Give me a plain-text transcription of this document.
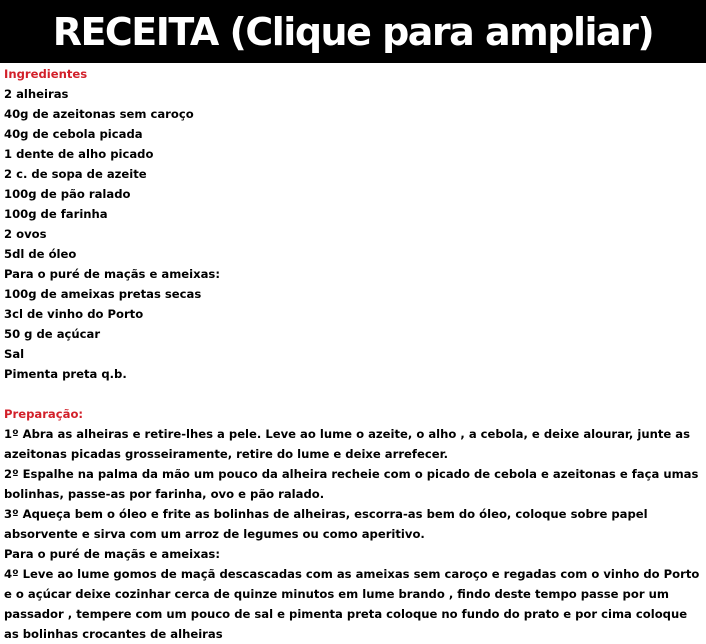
RECEITA (Clique para ampliar)
Ingredientes
2 alheiras
40g de azeitonas sem caroço
40g de cebola picada
1 dente de alho picado
2 c. de sopa de azeite
100g de pão ralado
100g de farinha
2 ovos
5dl de óleo
Para o puré de maçãs e ameixas:
100g de ameixas pretas secas
3cl de vinho do Porto
50 g de açúcar
Sal
Pimenta preta q.b.
Preparação:
1º Abra as alheiras e retire-lhes a pele. Leve ao lume o azeite, o alho , a cebola, e deixe alourar, junte as azeitonas picadas grosseiramente, retire do lume e deixe arrefecer.
2º Espalhe na palma da mão um pouco da alheira recheie com o picado de cebola e azeitonas e faça umas bolinhas, passe-as por farinha, ovo e pão ralado.
3º Aqueça bem o óleo e frite as bolinhas de alheiras, escorra-as bem do óleo, coloque sobre papel absorvente e sirva com um arroz de legumes ou como aperitivo.
Para o puré de maçãs e ameixas:
4º Leve ao lume gomos de maçã descascadas com as ameixas sem caroço e regadas com o vinho do Porto e o açúcar deixe cozinhar cerca de quinze minutos em lume brando , findo deste tempo passe por um passador , tempere com um pouco de sal e pimenta preta coloque no fundo do prato e por cima coloque as bolinhas crocantes de alheiras
